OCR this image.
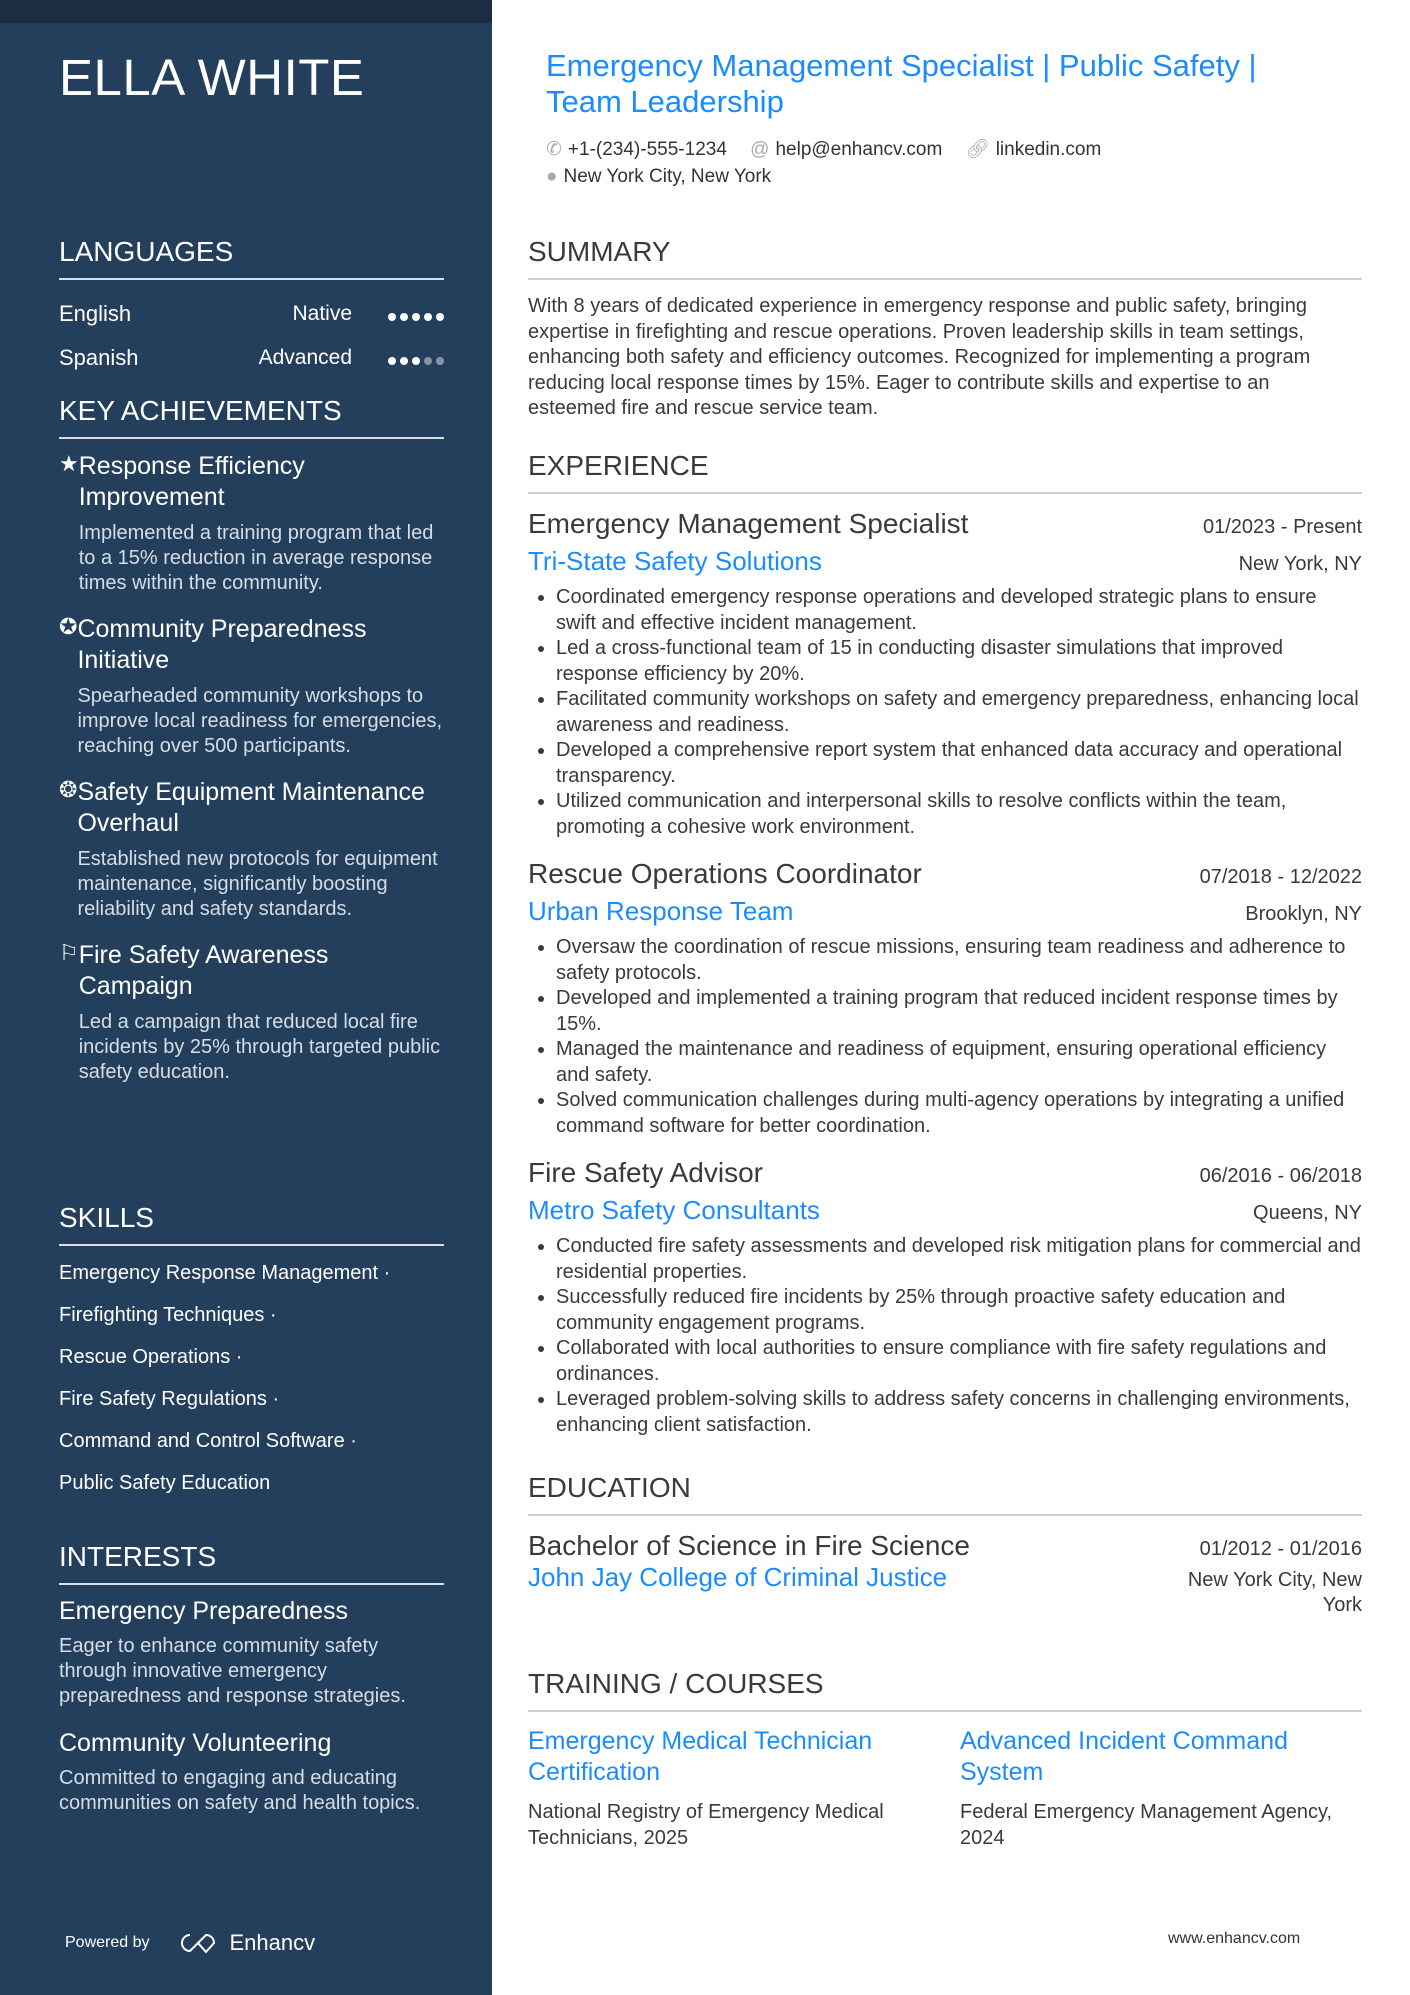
ELLA WHITE
LANGUAGES
English	Native
Spanish	Advanced
KEY ACHIEVEMENTS
★ Response Efficiency Improvement
Implemented a training program that led to a 15% reduction in average response times within the community.
✪ Community Preparedness Initiative
Spearheaded community workshops to improve local readiness for emergencies, reaching over 500 participants.
❂ Safety Equipment Maintenance Overhaul
Established new protocols for equipment maintenance, significantly boosting reliability and safety standards.
⚐ Fire Safety Awareness Campaign
Led a campaign that reduced local fire incidents by 25% through targeted public safety education.
SKILLS
Emergency Response Management ·
Firefighting Techniques ·
Rescue Operations ·
Fire Safety Regulations ·
Command and Control Software ·
Public Safety Education
INTERESTS
Emergency Preparedness
Eager to enhance community safety through innovative emergency preparedness and response strategies.
Community Volunteering
Committed to engaging and educating communities on safety and health topics.
Powered by	Enhancv
Emergency Management Specialist | Public Safety | Team Leadership
✆ +1-(234)-555-1234 @ help@enhancv.com 🔗︎ linkedin.com
● New York City, New York
SUMMARY
With 8 years of dedicated experience in emergency response and public safety, bringing expertise in firefighting and rescue operations. Proven leadership skills in team settings, enhancing both safety and efficiency outcomes. Recognized for implementing a program reducing local response times by 15%. Eager to contribute skills and expertise to an esteemed fire and rescue service team.
EXPERIENCE
Emergency Management Specialist	01/2023 - Present
Tri-State Safety Solutions	New York, NY
• Coordinated emergency response operations and developed strategic plans to ensure swift and effective incident management.
• Led a cross-functional team of 15 in conducting disaster simulations that improved response efficiency by 20%.
• Facilitated community workshops on safety and emergency preparedness, enhancing local awareness and readiness.
• Developed a comprehensive report system that enhanced data accuracy and operational transparency.
• Utilized communication and interpersonal skills to resolve conflicts within the team, promoting a cohesive work environment.
Rescue Operations Coordinator	07/2018 - 12/2022
Urban Response Team	Brooklyn, NY
• Oversaw the coordination of rescue missions, ensuring team readiness and adherence to safety protocols.
• Developed and implemented a training program that reduced incident response times by 15%.
• Managed the maintenance and readiness of equipment, ensuring operational efficiency and safety.
• Solved communication challenges during multi-agency operations by integrating a unified command software for better coordination.
Fire Safety Advisor	06/2016 - 06/2018
Metro Safety Consultants	Queens, NY
• Conducted fire safety assessments and developed risk mitigation plans for commercial and residential properties.
• Successfully reduced fire incidents by 25% through proactive safety education and community engagement programs.
• Collaborated with local authorities to ensure compliance with fire safety regulations and ordinances.
• Leveraged problem-solving skills to address safety concerns in challenging environments, enhancing client satisfaction.
EDUCATION
Bachelor of Science in Fire Science	01/2012 - 01/2016
John Jay College of Criminal Justice	New York City, New York
TRAINING / COURSES
Emergency Medical Technician Certification
National Registry of Emergency Medical Technicians, 2025
Advanced Incident Command System
Federal Emergency Management Agency, 2024
www.enhancv.com
